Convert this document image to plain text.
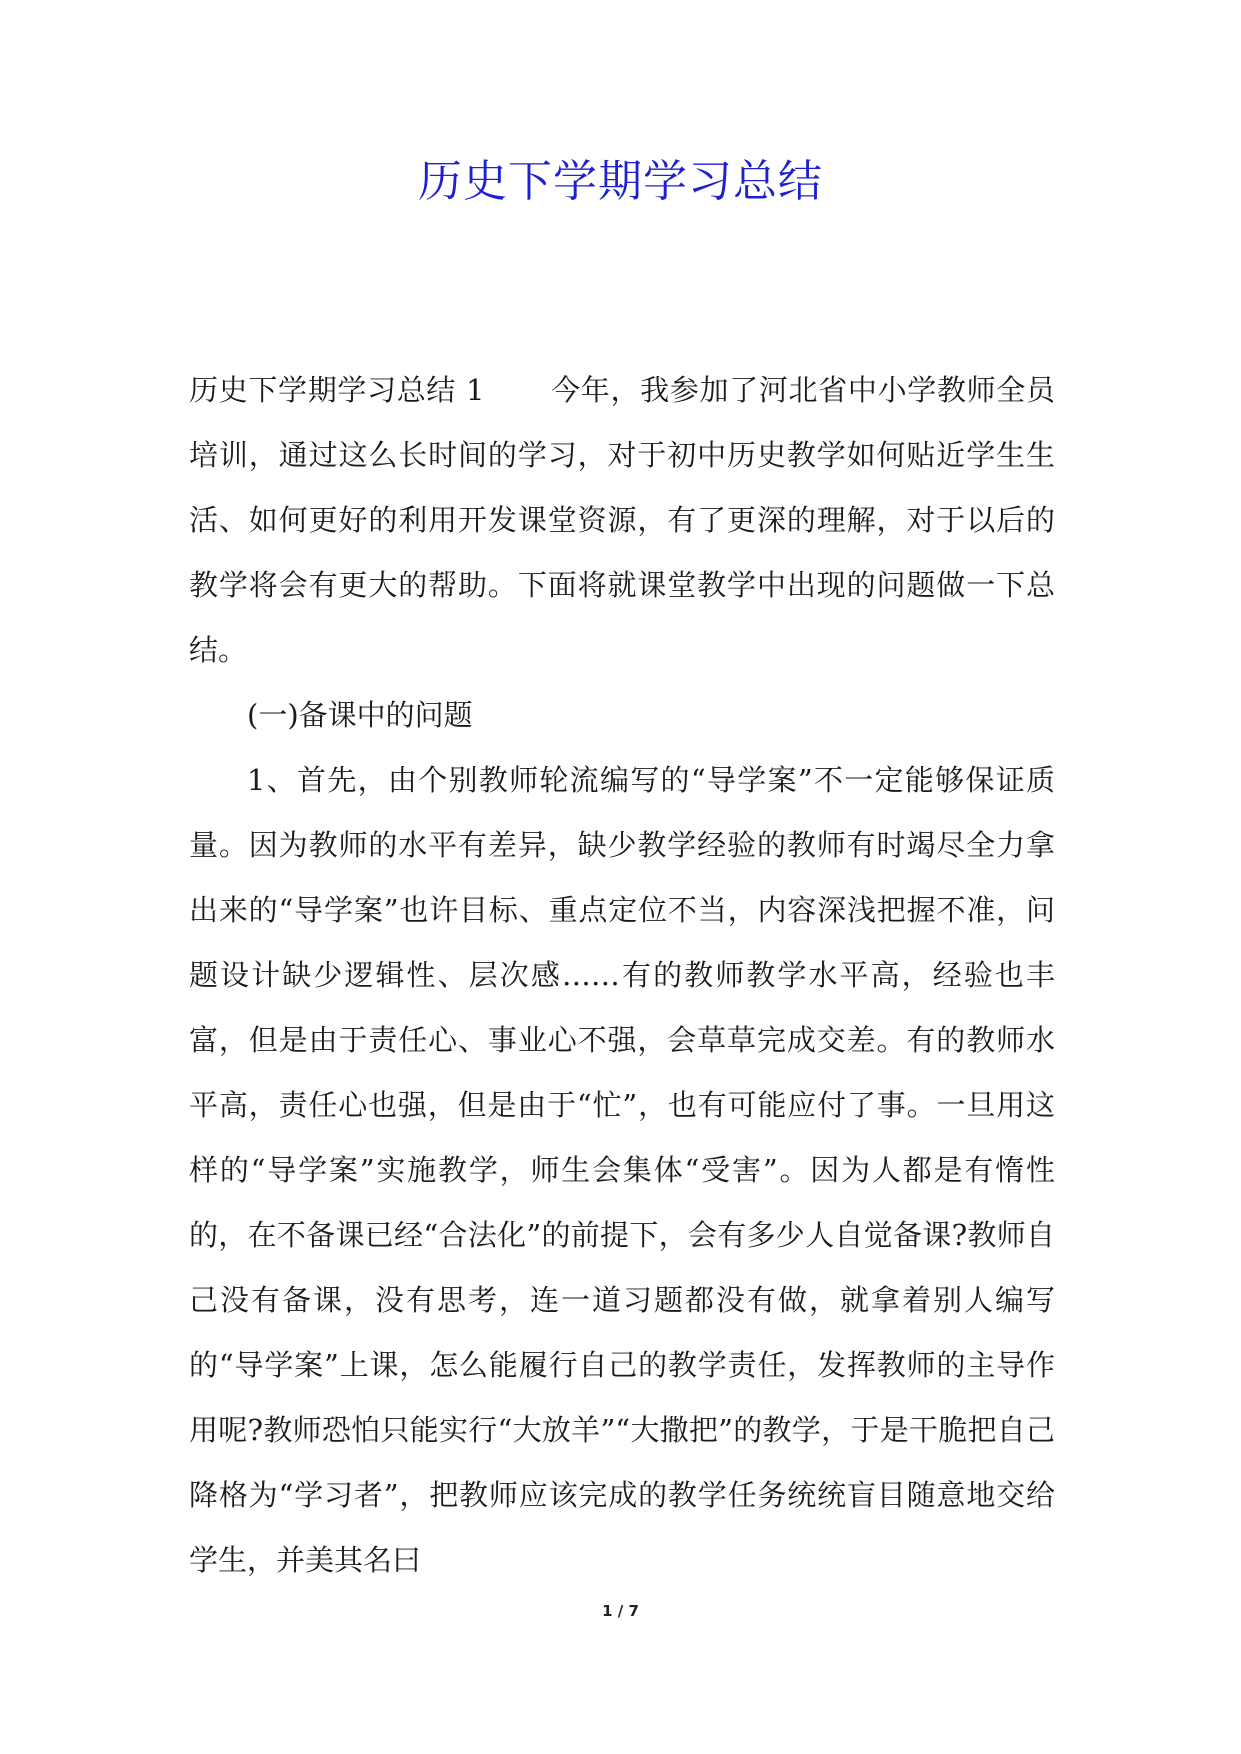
历史下学期学习总结

历史下学期学习总结 1 今年，我参加了河北省中小学教师全员培训，通过这么长时间的学习，对于初中历史教学如何贴近学生生活、如何更好的利用开发课堂资源，有了更深的理解，对于以后的教学将会有更大的帮助。下面将就课堂教学中出现的问题做一下总结。

(一)备课中的问题

1、首先，由个别教师轮流编写的“导学案”不一定能够保证质量。因为教师的水平有差异，缺少教学经验的教师有时竭尽全力拿出来的“导学案”也许目标、重点定位不当，内容深浅把握不准，问题设计缺少逻辑性、层次感……有的教师教学水平高，经验也丰富，但是由于责任心、事业心不强，会草草完成交差。有的教师水平高，责任心也强，但是由于“忙”，也有可能应付了事。一旦用这样的“导学案”实施教学，师生会集体“受害”。因为人都是有惰性的，在不备课已经“合法化”的前提下，会有多少人自觉备课?教师自己没有备课，没有思考，连一道习题都没有做，就拿着别人编写的“导学案”上课，怎么能履行自己的教学责任，发挥教师的主导作用呢?教师恐怕只能实行“大放羊”“大撒把”的教学，于是干脆把自己降格为“学习者”，把教师应该完成的教学任务统统盲目随意地交给学生，并美其名曰

1 / 7
